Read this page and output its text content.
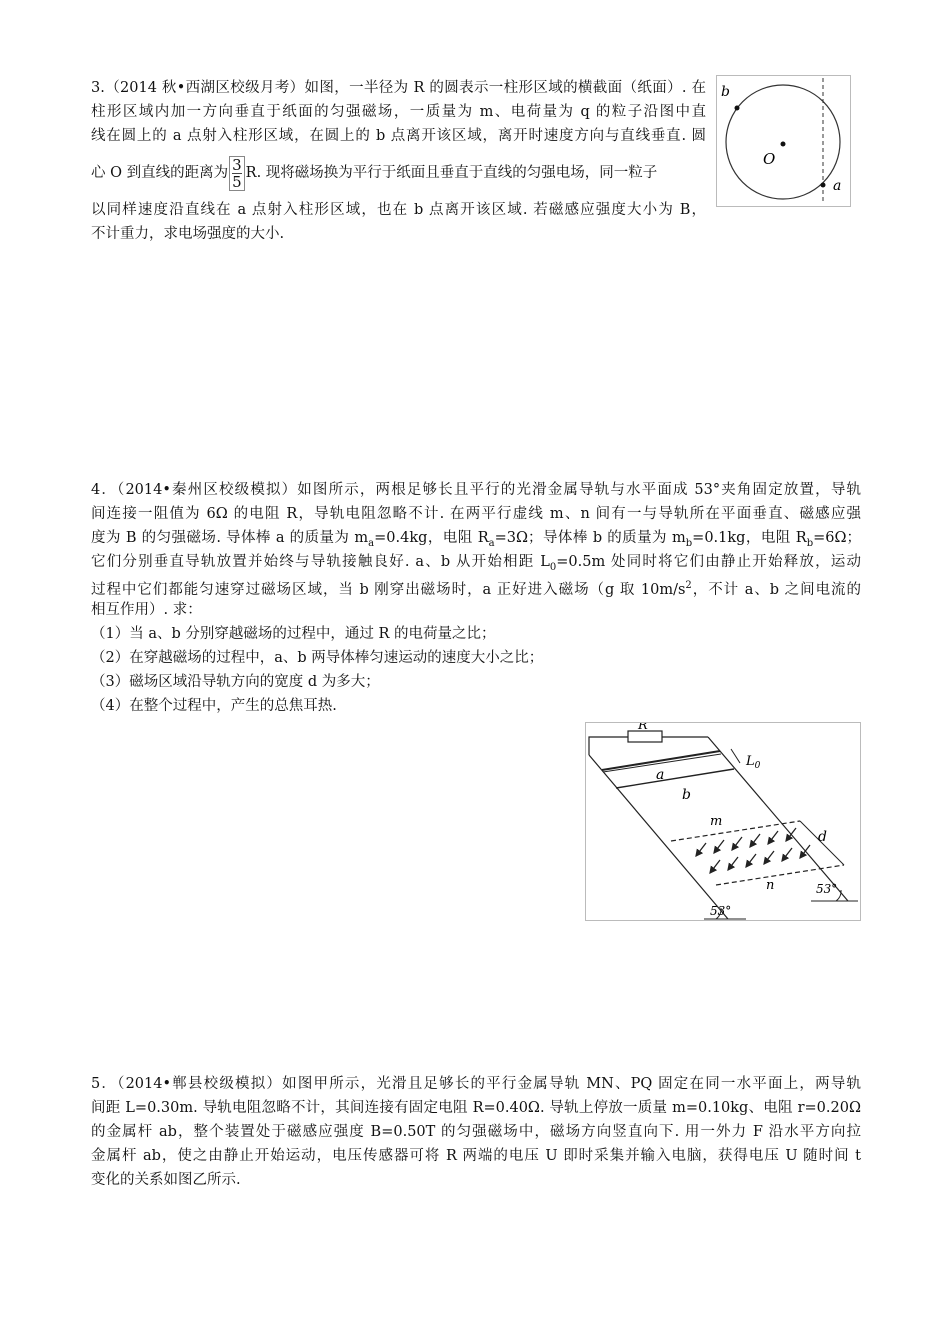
3.（2014 秋•西湖区校级月考）如图，一半径为 R 的圆表示一柱形区域的横截面（纸面）. 在
柱形区域内加一方向垂直于纸面的匀强磁场，一质量为 m、电荷量为 q 的粒子沿图中直
线在圆上的 a 点射入柱形区域，在圆上的 b 点离开该区域，离开时速度方向与直线垂直. 圆
心 O 到直线的距离为 $\frac{3}{5} R$. 现将磁场换为平行于纸面且垂直于直线的匀强电场，同一粒子
以同样速度沿直线在 a 点射入柱形区域，也在 b 点离开该区域. 若磁感应强度大小为 B，
不计重力，求电场强度的大小.
b
O
a
4．（2014•秦州区校级模拟）如图所示，两根足够长且平行的光滑金属导轨与水平面成 53°夹角固定放置，导轨
间连接一阻值为 6Ω 的电阻 R，导轨电阻忽略不计. 在两平行虚线 m、n 间有一与导轨所在平面垂直、磁感应强
度为 B 的匀强磁场. 导体棒 a 的质量为 $m_a=0.4kg$，电阻 $R_a=3\Omega$；导体棒 b 的质量为 $m_b=0.1kg$，电阻 $R_b=6\Omega$；
它们分别垂直导轨放置并始终与导轨接触良好. a、b 从开始相距 $L_0=0.5m$ 处同时将它们由静止开始释放，运动
过程中它们都能匀速穿过磁场区域，当 b 刚穿出磁场时，a 正好进入磁场（g 取 $10m/s^2$，不计 a、b 之间电流的
相互作用）. 求：
（1）当 a、b 分别穿越磁场的过程中，通过 R 的电荷量之比；
（2）在穿越磁场的过程中，a、b 两导体棒匀速运动的速度大小之比；
（3）磁场区域沿导轨方向的宽度 d 为多大；
（4）在整个过程中，产生的总焦耳热.
R
a
b
$L_0$
m
n
d
53°
53°
5．（2014•郸县校级模拟）如图甲所示，光滑且足够长的平行金属导轨 MN、PQ 固定在同一水平面上，两导轨
间距 L=0.30m. 导轨电阻忽略不计，其间连接有固定电阻 R=0.40Ω. 导轨上停放一质量 m=0.10kg、电阻 r=0.20Ω
的金属杆 ab，整个装置处于磁感应强度 B=0.50T 的匀强磁场中，磁场方向竖直向下. 用一外力 F 沿水平方向拉
金属杆 ab，使之由静止开始运动，电压传感器可将 R 两端的电压 U 即时采集并输入电脑，获得电压 U 随时间 t
变化的关系如图乙所示.
